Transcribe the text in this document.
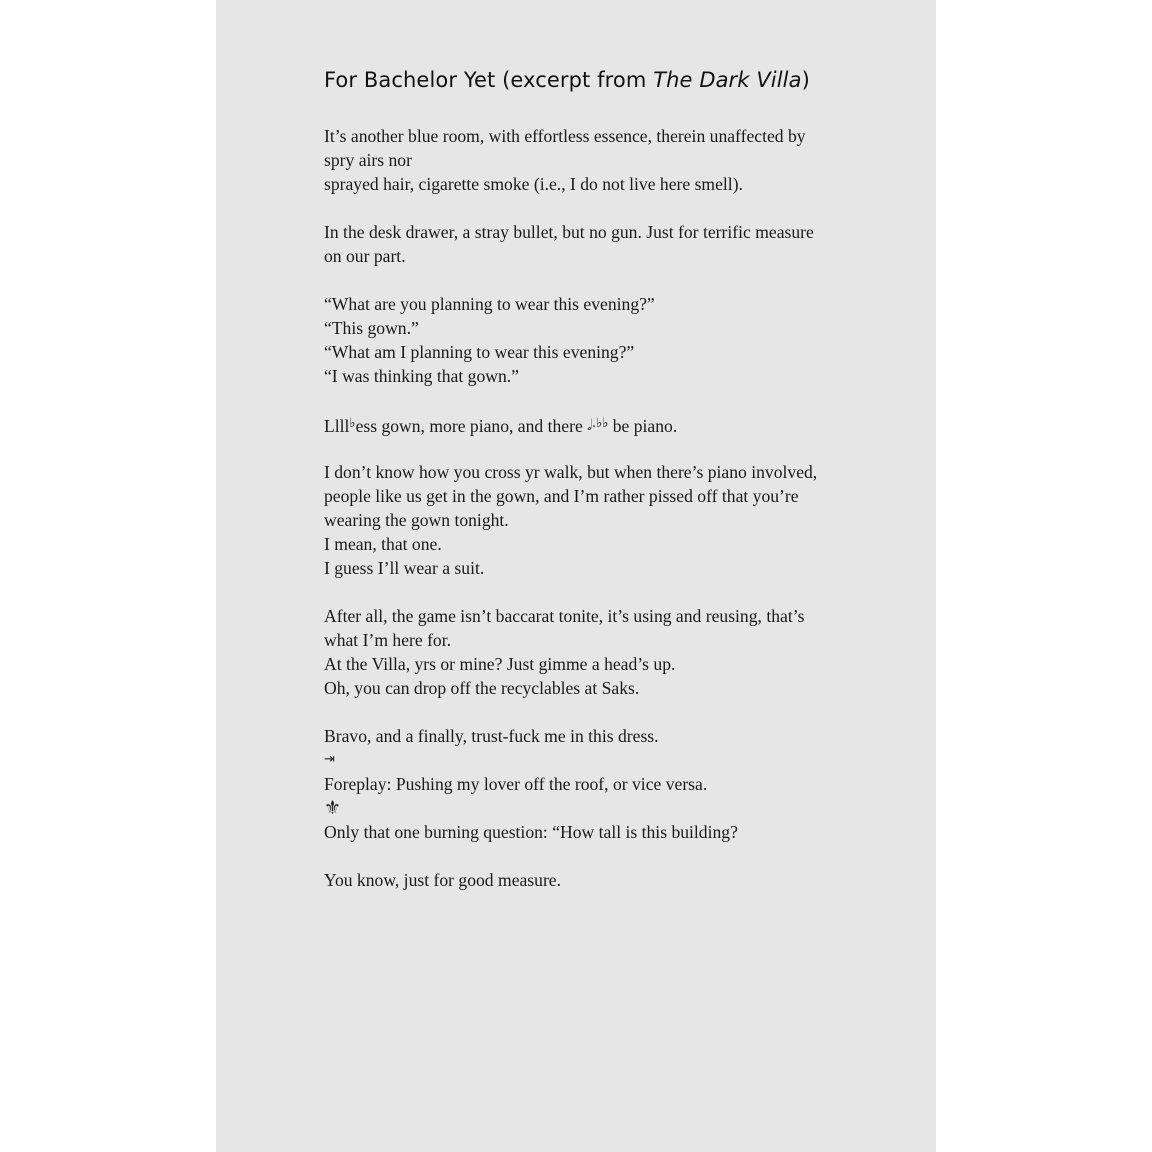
For Bachelor Yet (excerpt from The Dark Villa)
It’s another blue room, with effortless essence, therein unaffected by
spry airs nor
sprayed hair, cigarette smoke (i.e., I do not live here smell).
In the desk drawer, a stray bullet, but no gun. Just for terrific measure
on our part.
“What are you planning to wear this evening?”
“This gown.”
“What am I planning to wear this evening?”
“I was thinking that gown.”
Llll♭ess gown, more piano, and there 𝅗𝅥.♭♭ be piano.
I don’t know how you cross yr walk, but when there’s piano involved,
people like us get in the gown, and I’m rather pissed off that you’re
wearing the gown tonight.
I mean, that one.
I guess I’ll wear a suit.
After all, the game isn’t baccarat tonite, it’s using and reusing, that’s
what I’m here for.
At the Villa, yrs or mine? Just gimme a head’s up.
Oh, you can drop off the recyclables at Saks.
Bravo, and a finally, trust-fuck me in this dress.
⇥
Foreplay: Pushing my lover off the roof, or vice versa.
⚜
Only that one burning question: “How tall is this building?
You know, just for good measure.
